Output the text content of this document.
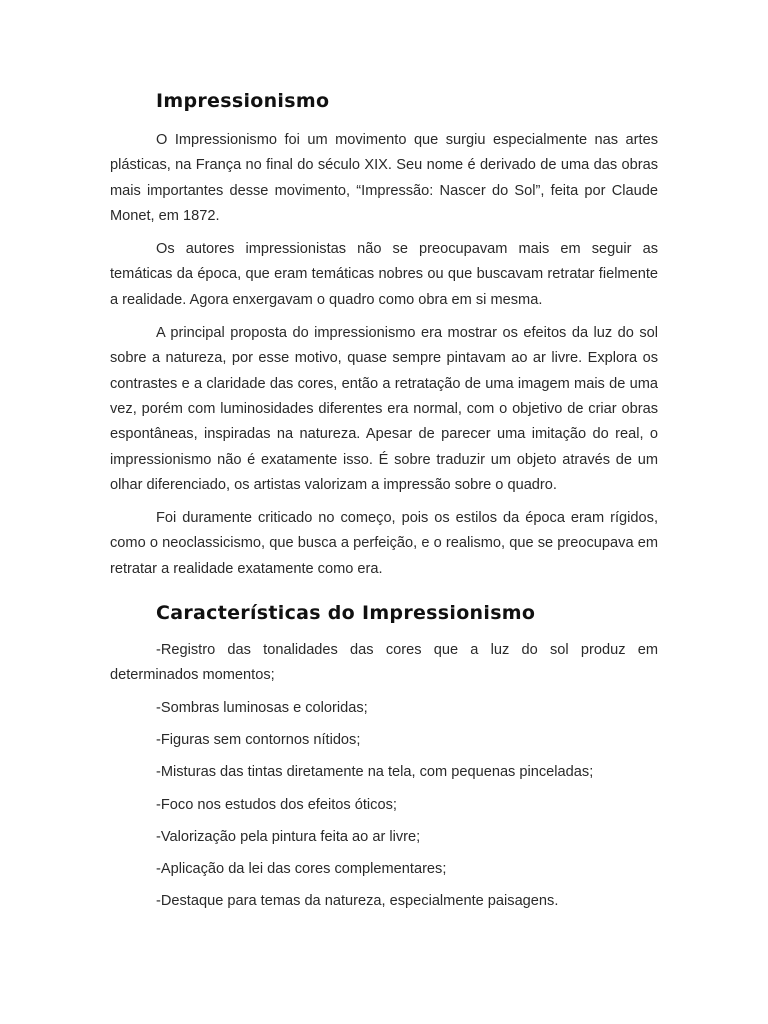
Impressionismo

O Impressionismo foi um movimento que surgiu especialmente nas artes plásticas, na França no final do século XIX. Seu nome é derivado de uma das obras mais importantes desse movimento, “Impressão: Nascer do Sol”, feita por Claude Monet, em 1872.

Os autores impressionistas não se preocupavam mais em seguir as temáticas da época, que eram temáticas nobres ou que buscavam retratar fielmente a realidade. Agora enxergavam o quadro como obra em si mesma.

A principal proposta do impressionismo era mostrar os efeitos da luz do sol sobre a natureza, por esse motivo, quase sempre pintavam ao ar livre. Explora os contrastes e a claridade das cores, então a retratação de uma imagem mais de uma vez, porém com luminosidades diferentes era normal, com o objetivo de criar obras espontâneas, inspiradas na natureza. Apesar de parecer uma imitação do real, o impressionismo não é exatamente isso. É sobre traduzir um objeto através de um olhar diferenciado, os artistas valorizam a impressão sobre o quadro.

Foi duramente criticado no começo, pois os estilos da época eram rígidos, como o neoclassicismo, que busca a perfeição, e o realismo, que se preocupava em retratar a realidade exatamente como era.

Características do Impressionismo

-Registro das tonalidades das cores que a luz do sol produz em determinados momentos;

-Sombras luminosas e coloridas;

-Figuras sem contornos nítidos;

-Misturas das tintas diretamente na tela, com pequenas pinceladas;

-Foco nos estudos dos efeitos óticos;

-Valorização pela pintura feita ao ar livre;

-Aplicação da lei das cores complementares;

-Destaque para temas da natureza, especialmente paisagens.
